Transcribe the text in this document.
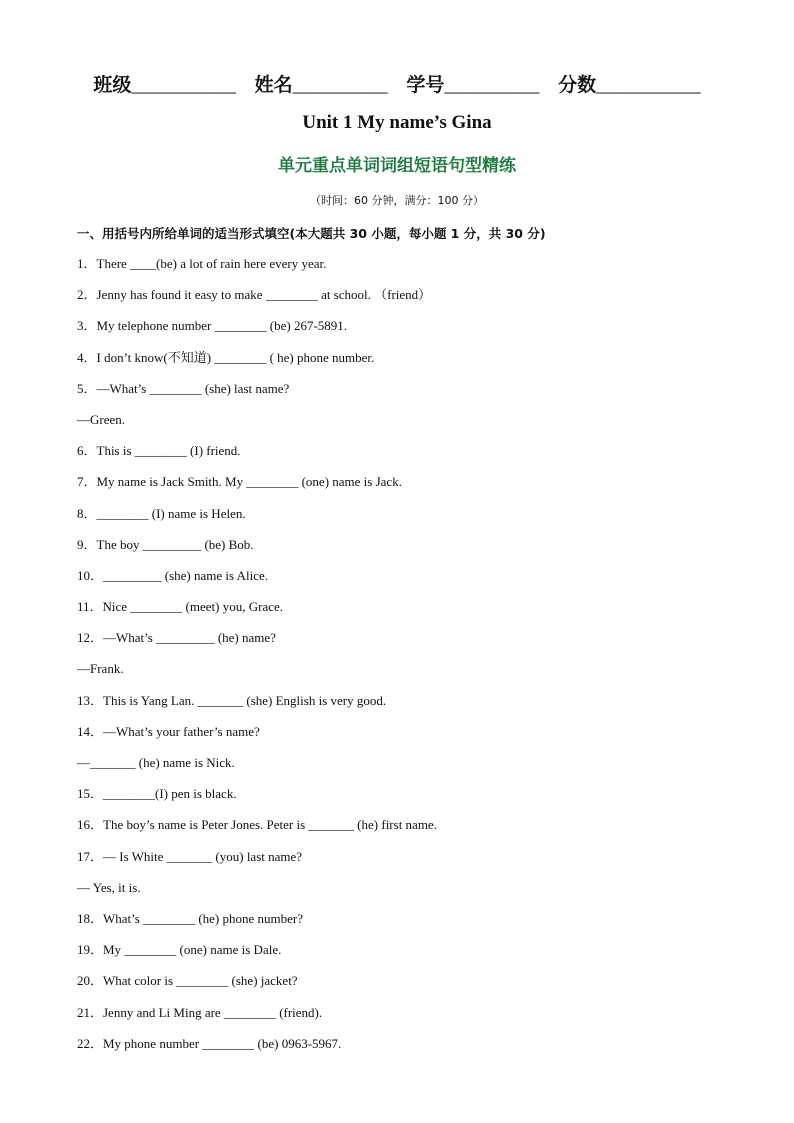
班级___________ 姓名__________ 学号__________ 分数___________
Unit 1 My name’s Gina
单元重点单词词组短语句型精练
（时间：60 分钟，满分：100 分）
一、用括号内所给单词的适当形式填空(本大题共 30 小题，每小题 1 分，共 30 分)
1．There ____(be) a lot of rain here every year.
2．Jenny has found it easy to make ________ at school. （friend）
3．My telephone number ________ (be) 267-5891.
4．I don’t know(不知道) ________ ( he) phone number.
5．—What’s ________ (she) last name?
—Green.
6．This is ________ (I) friend.
7．My name is Jack Smith. My ________ (one) name is Jack.
8．________ (I) name is Helen.
9．The boy _________ (be) Bob.
10．_________ (she) name is Alice.
11．Nice ________ (meet) you, Grace.
12．—What’s _________ (he) name?
—Frank.
13．This is Yang Lan. _______ (she) English is very good.
14．—What’s your father’s name?
—_______ (he) name is Nick.
15．________(I) pen is black.
16．The boy’s name is Peter Jones. Peter is _______ (he) first name.
17．— Is White _______ (you) last name?
— Yes, it is.
18．What’s ________ (he) phone number?
19．My ________ (one) name is Dale.
20．What color is ________ (she) jacket?
21．Jenny and Li Ming are ________ (friend).
22．My phone number ________ (be) 0963-5967.
